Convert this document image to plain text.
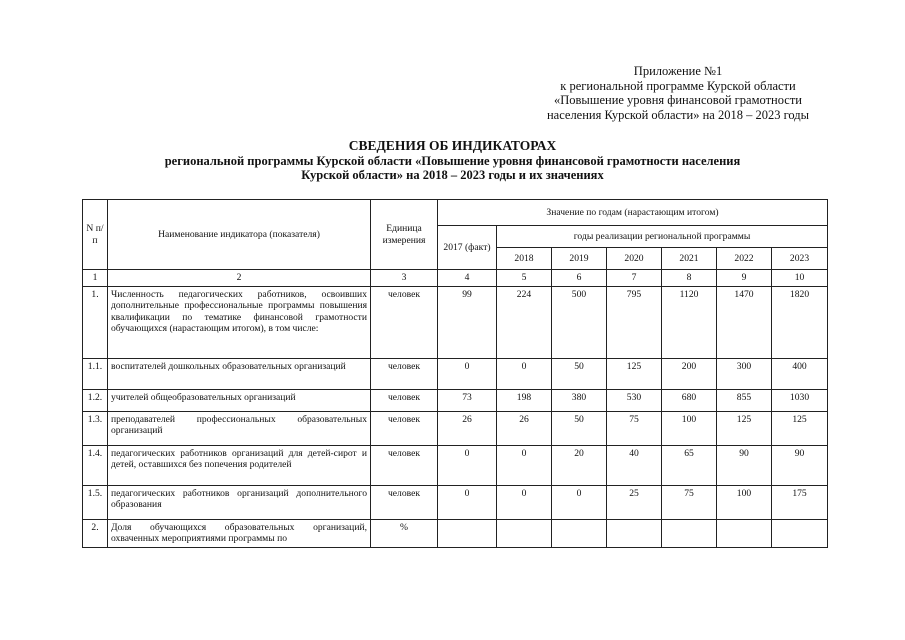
Приложение №1
к региональной программе Курской области
«Повышение уровня финансовой грамотности
населения Курской области» на 2018 – 2023 годы
СВЕДЕНИЯ ОБ ИНДИКАТОРАХ
региональной программы Курской области «Повышение уровня финансовой грамотности населения
Курской области» на 2018 – 2023 годы и их значениях
N п/п	Наименование индикатора (показателя)	Единица измерения	Значение по годам (нарастающим итогом)						
			2017 (факт)	годы реализации региональной программы					
				2018	2019	2020	2021	2022	2023
1	2	3	4	5	6	7	8	9	10
1.	Численность педагогических работников, освоивших дополнительные профессиональные программы повышения квалификации по тематике финансовой грамотности обучающихся (нарастающим итогом), в том числе:	человек	99	224	500	795	1120	1470	1820
1.1.	воспитателей дошкольных образовательных организаций	человек	0	0	50	125	200	300	400
1.2.	учителей общеобразовательных организаций	человек	73	198	380	530	680	855	1030
1.3.	преподавателей профессиональных образовательных организаций	человек	26	26	50	75	100	125	125
1.4.	педагогических работников организаций для детей-сирот и детей, оставшихся без попечения родителей	человек	0	0	20	40	65	90	90
1.5.	педагогических работников организаций дополнительного образования	человек	0	0	0	25	75	100	175
2.	Доля обучающихся образовательных организаций, охваченных мероприятиями программы по	%							
